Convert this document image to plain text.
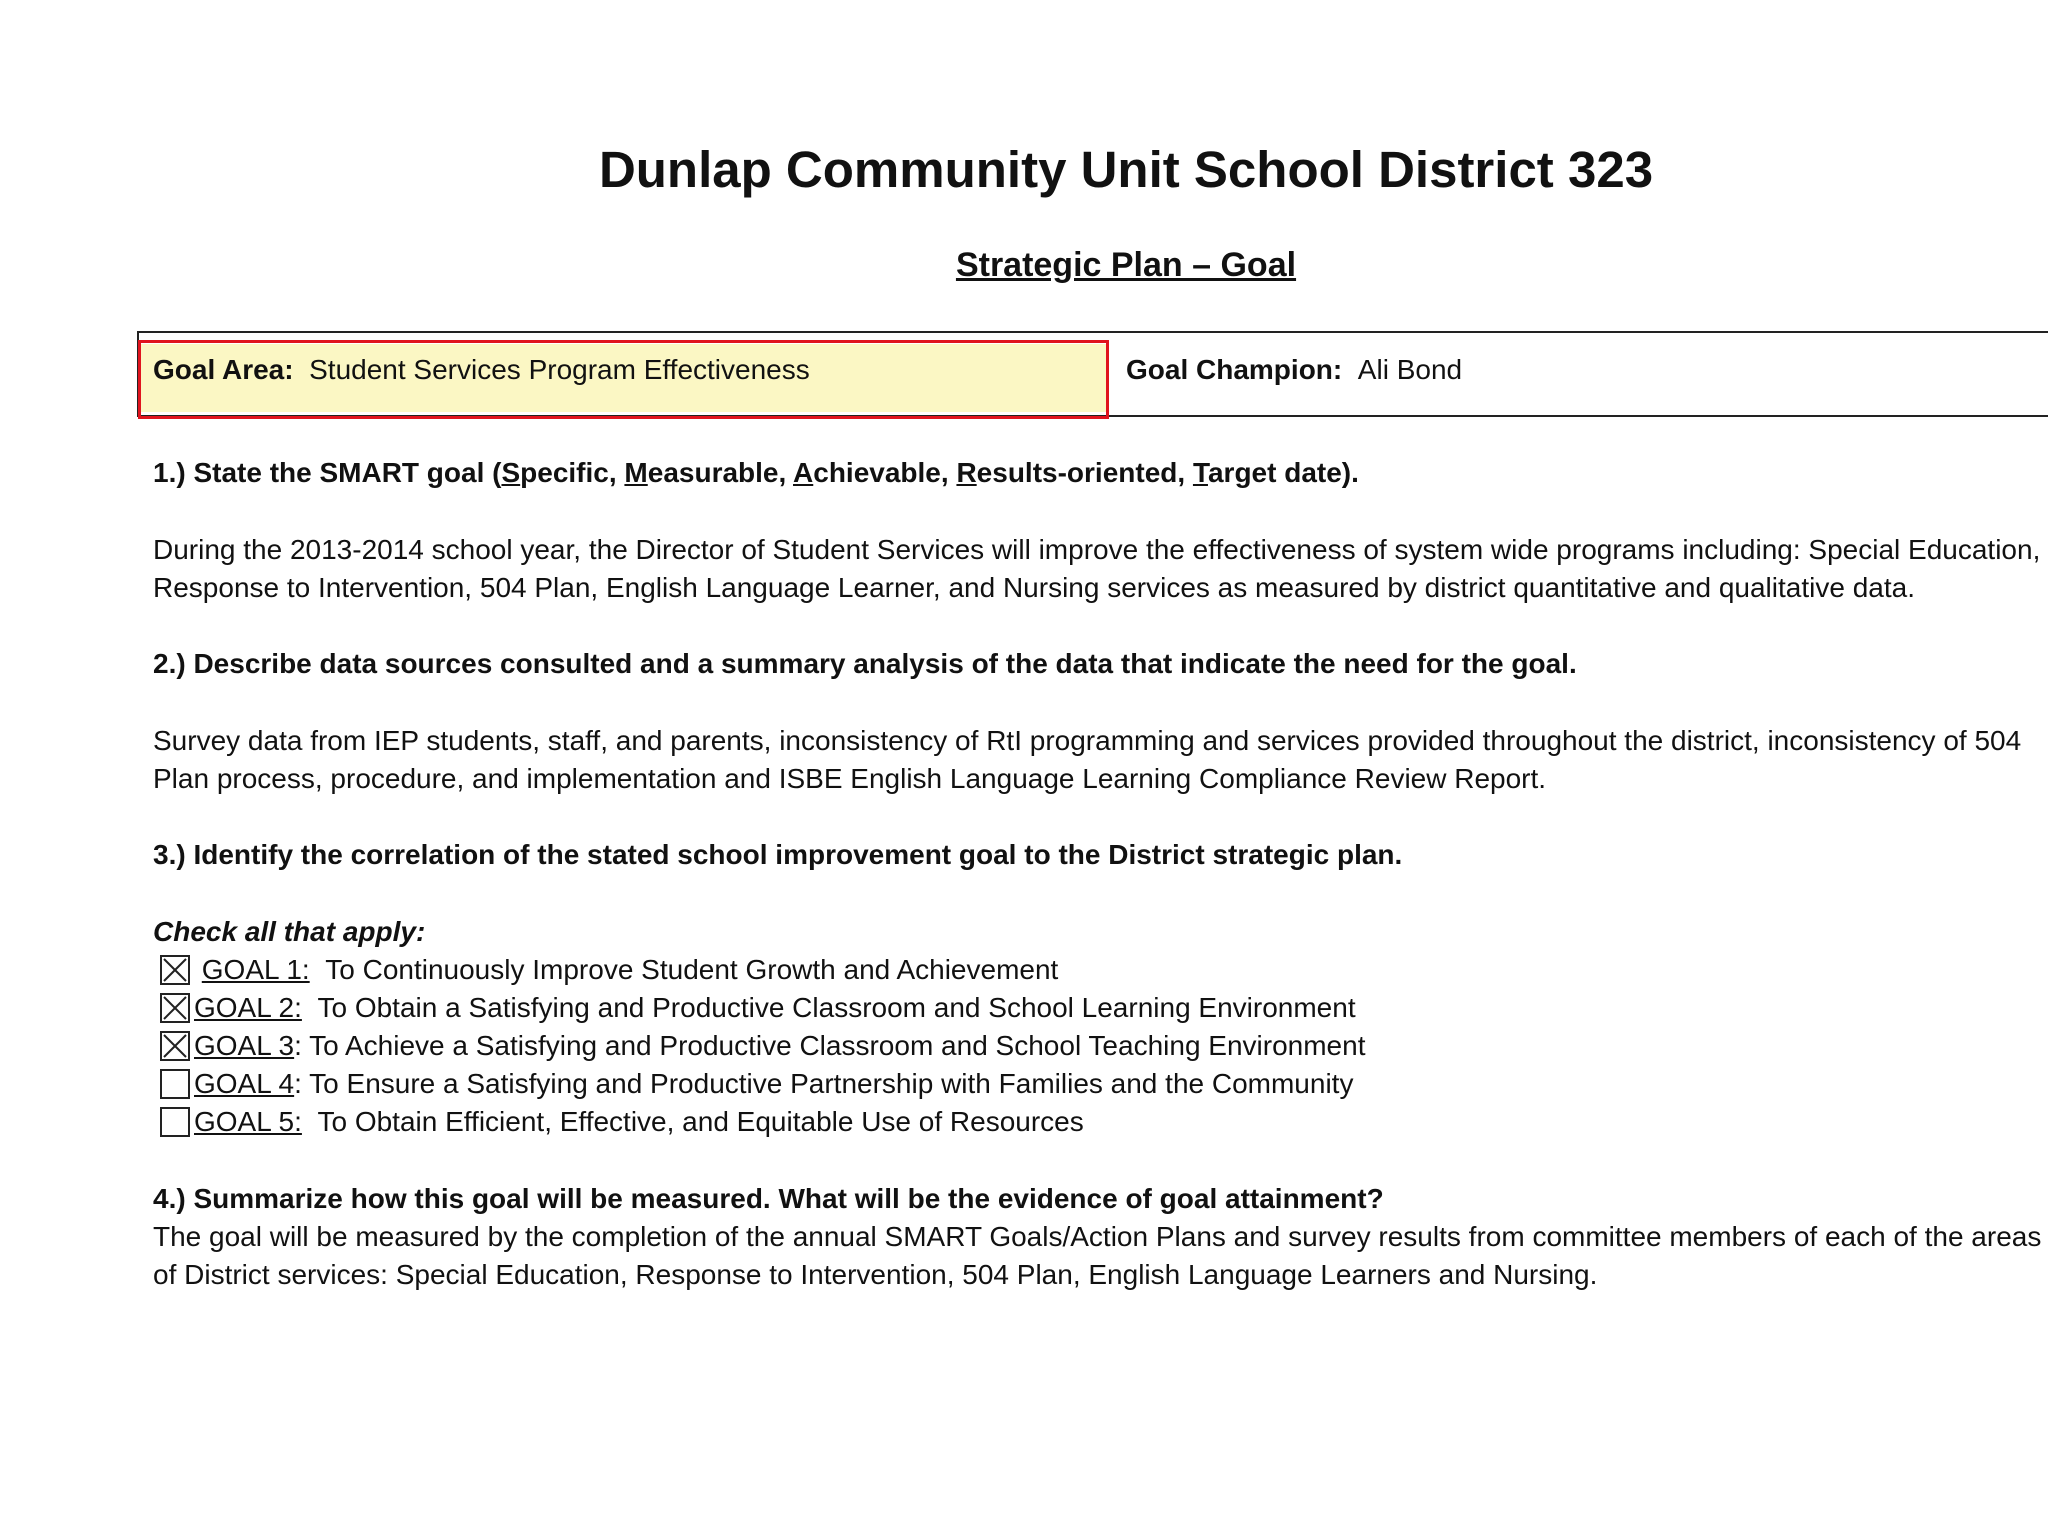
Dunlap Community Unit School District 323
Strategic Plan – Goal
Goal Area: Student Services Program Effectiveness	Goal Champion: Ali Bond
1.) State the SMART goal (Specific, Measurable, Achievable, Results-oriented, Target date).
During the 2013-2014 school year, the Director of Student Services will improve the effectiveness of system wide programs including: Special Education,
Response to Intervention, 504 Plan, English Language Learner, and Nursing services as measured by district quantitative and qualitative data.
2.) Describe data sources consulted and a summary analysis of the data that indicate the need for the goal.
Survey data from IEP students, staff, and parents, inconsistency of RtI programming and services provided throughout the district, inconsistency of 504
Plan process, procedure, and implementation and ISBE English Language Learning Compliance Review Report.
3.) Identify the correlation of the stated school improvement goal to the District strategic plan.
Check all that apply:
GOAL 1: To Continuously Improve Student Growth and Achievement
GOAL 2: To Obtain a Satisfying and Productive Classroom and School Learning Environment
GOAL 3: To Achieve a Satisfying and Productive Classroom and School Teaching Environment
GOAL 4: To Ensure a Satisfying and Productive Partnership with Families and the Community
GOAL 5: To Obtain Efficient, Effective, and Equitable Use of Resources
4.) Summarize how this goal will be measured. What will be the evidence of goal attainment?
The goal will be measured by the completion of the annual SMART Goals/Action Plans and survey results from committee members of each of the areas
of District services: Special Education, Response to Intervention, 504 Plan, English Language Learners and Nursing.
